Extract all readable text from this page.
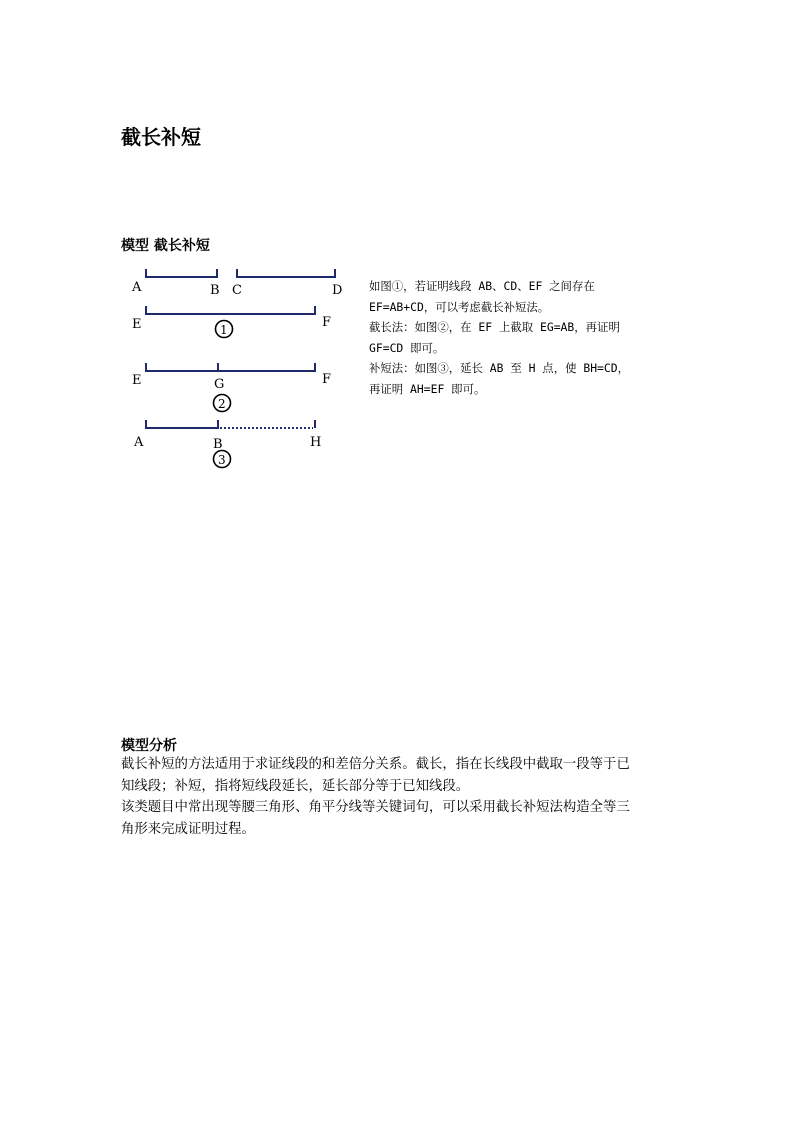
截长补短
模型 截长补短
A	B C	D
E	F
1
E	G	F
2
A	B	H
3

如图①，若证明线段 AB、CD、EF 之间存在

EF=AB+CD，可以考虑截长补短法。

截长法：如图②，在 EF 上截取 EG=AB，再证明

GF=CD 即可。

补短法：如图③，延长 AB 至 H 点，使 BH=CD，

再证明 AH=EF 即可。

模型分析

截长补短的方法适用于求证线段的和差倍分关系。截长，指在长线段中截取一段等于已

知线段；补短，指将短线段延长，延长部分等于已知线段。

该类题目中常出现等腰三角形、角平分线等关键词句，可以采用截长补短法构造全等三

角形来完成证明过程。
